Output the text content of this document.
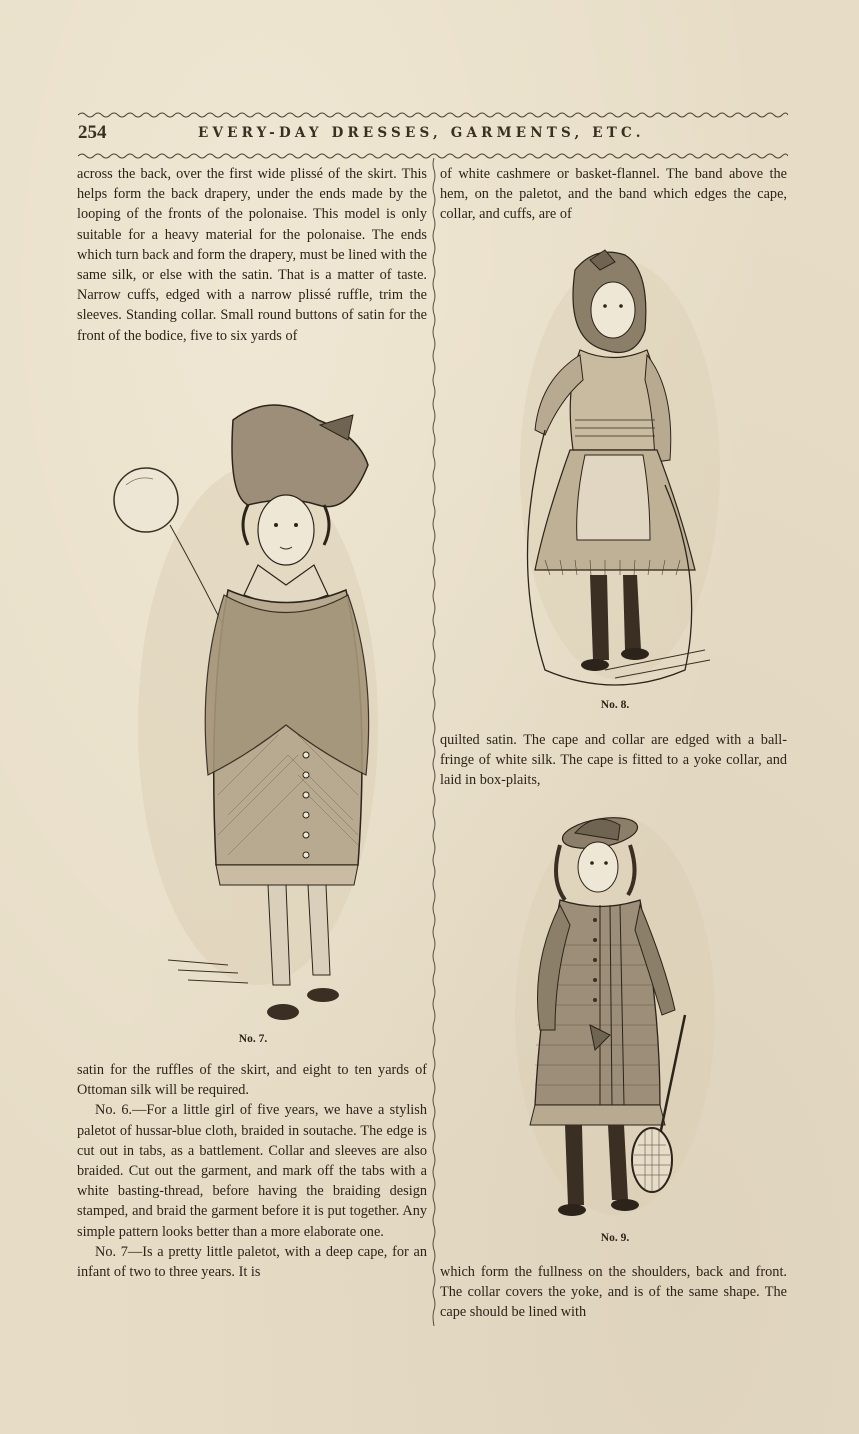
254	EVERY-DAY DRESSES, GARMENTS, ETC.

across the back, over the first wide plissé of the skirt. This helps form the back drapery, under the ends made by the looping of the fronts of the polonaise. This model is only suitable for a heavy material for the polonaise. The ends which turn back and form the drapery, must be lined with the same silk, or else with the satin. That is a matter of taste. Narrow cuffs, edged with a narrow plissé ruffle, trim the sleeves. Standing collar. Small round buttons of satin for the front of the bodice, five to six yards of

No. 7.

satin for the ruffles of the skirt, and eight to ten yards of Ottoman silk will be required.

No. 6.—For a little girl of five years, we have a stylish paletot of hussar-blue cloth, braided in soutache. The edge is cut out in tabs, as a battlement. Collar and sleeves are also braided. Cut out the garment, and mark off the tabs with a white basting-thread, before having the braiding design stamped, and braid the garment before it is put together. Any simple pattern looks better than a more elaborate one.

No. 7—Is a pretty little paletot, with a deep cape, for an infant of two to three years. It is

of white cashmere or basket-flannel. The band above the hem, on the paletot, and the band which edges the cape, collar, and cuffs, are of

No. 8.

quilted satin. The cape and collar are edged with a ball-fringe of white silk. The cape is fitted to a yoke collar, and laid in box-plaits,

No. 9.

which form the fullness on the shoulders, back and front. The collar covers the yoke, and is of the same shape. The cape should be lined with
